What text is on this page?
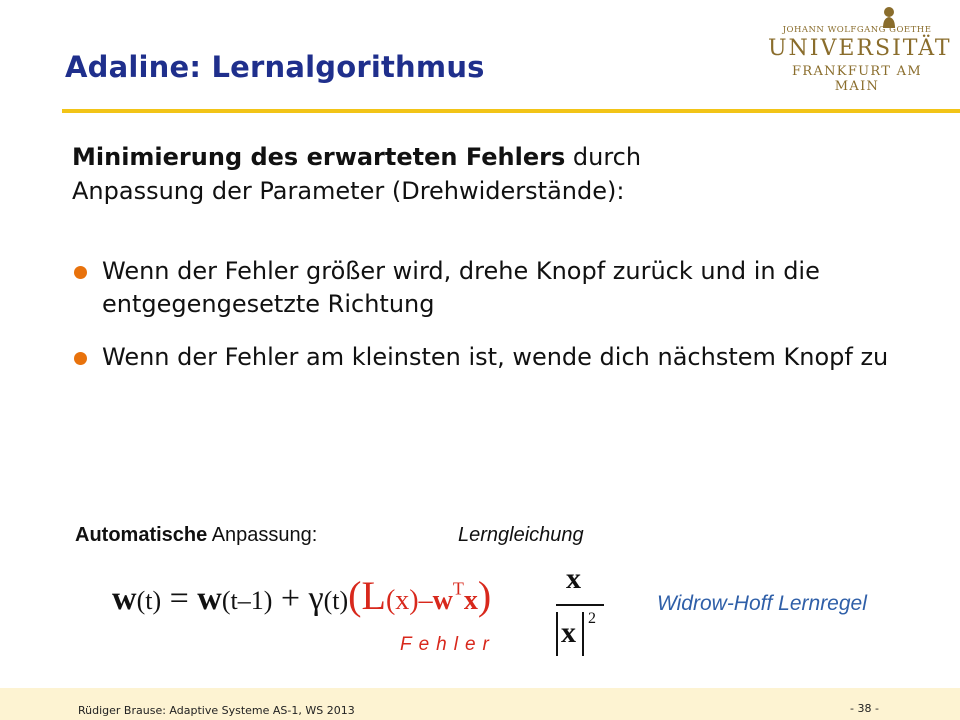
Adaline: Lernalgorithmus
JOHANN WOLFGANG GOETHE
UNIVERSITÄT
FRANKFURT AM MAIN
Minimierung des erwarteten Fehlers durch
Anpassung der Parameter (Drehwiderstände):
Wenn der Fehler größer wird, drehe Knopf zurück und in die entgegengesetzte Richtung
Wenn der Fehler am kleinsten ist, wende dich nächstem Knopf zu
Automatische Anpassung:	Lerngleichung
$w(t) = w(t-1) + \gamma(t)(L(x)-w^Tx)$ x
x 2
Fehler
Widrow-Hoff Lernregel
Rüdiger Brause: Adaptive Systeme AS-1, WS 2013	- 38 -
